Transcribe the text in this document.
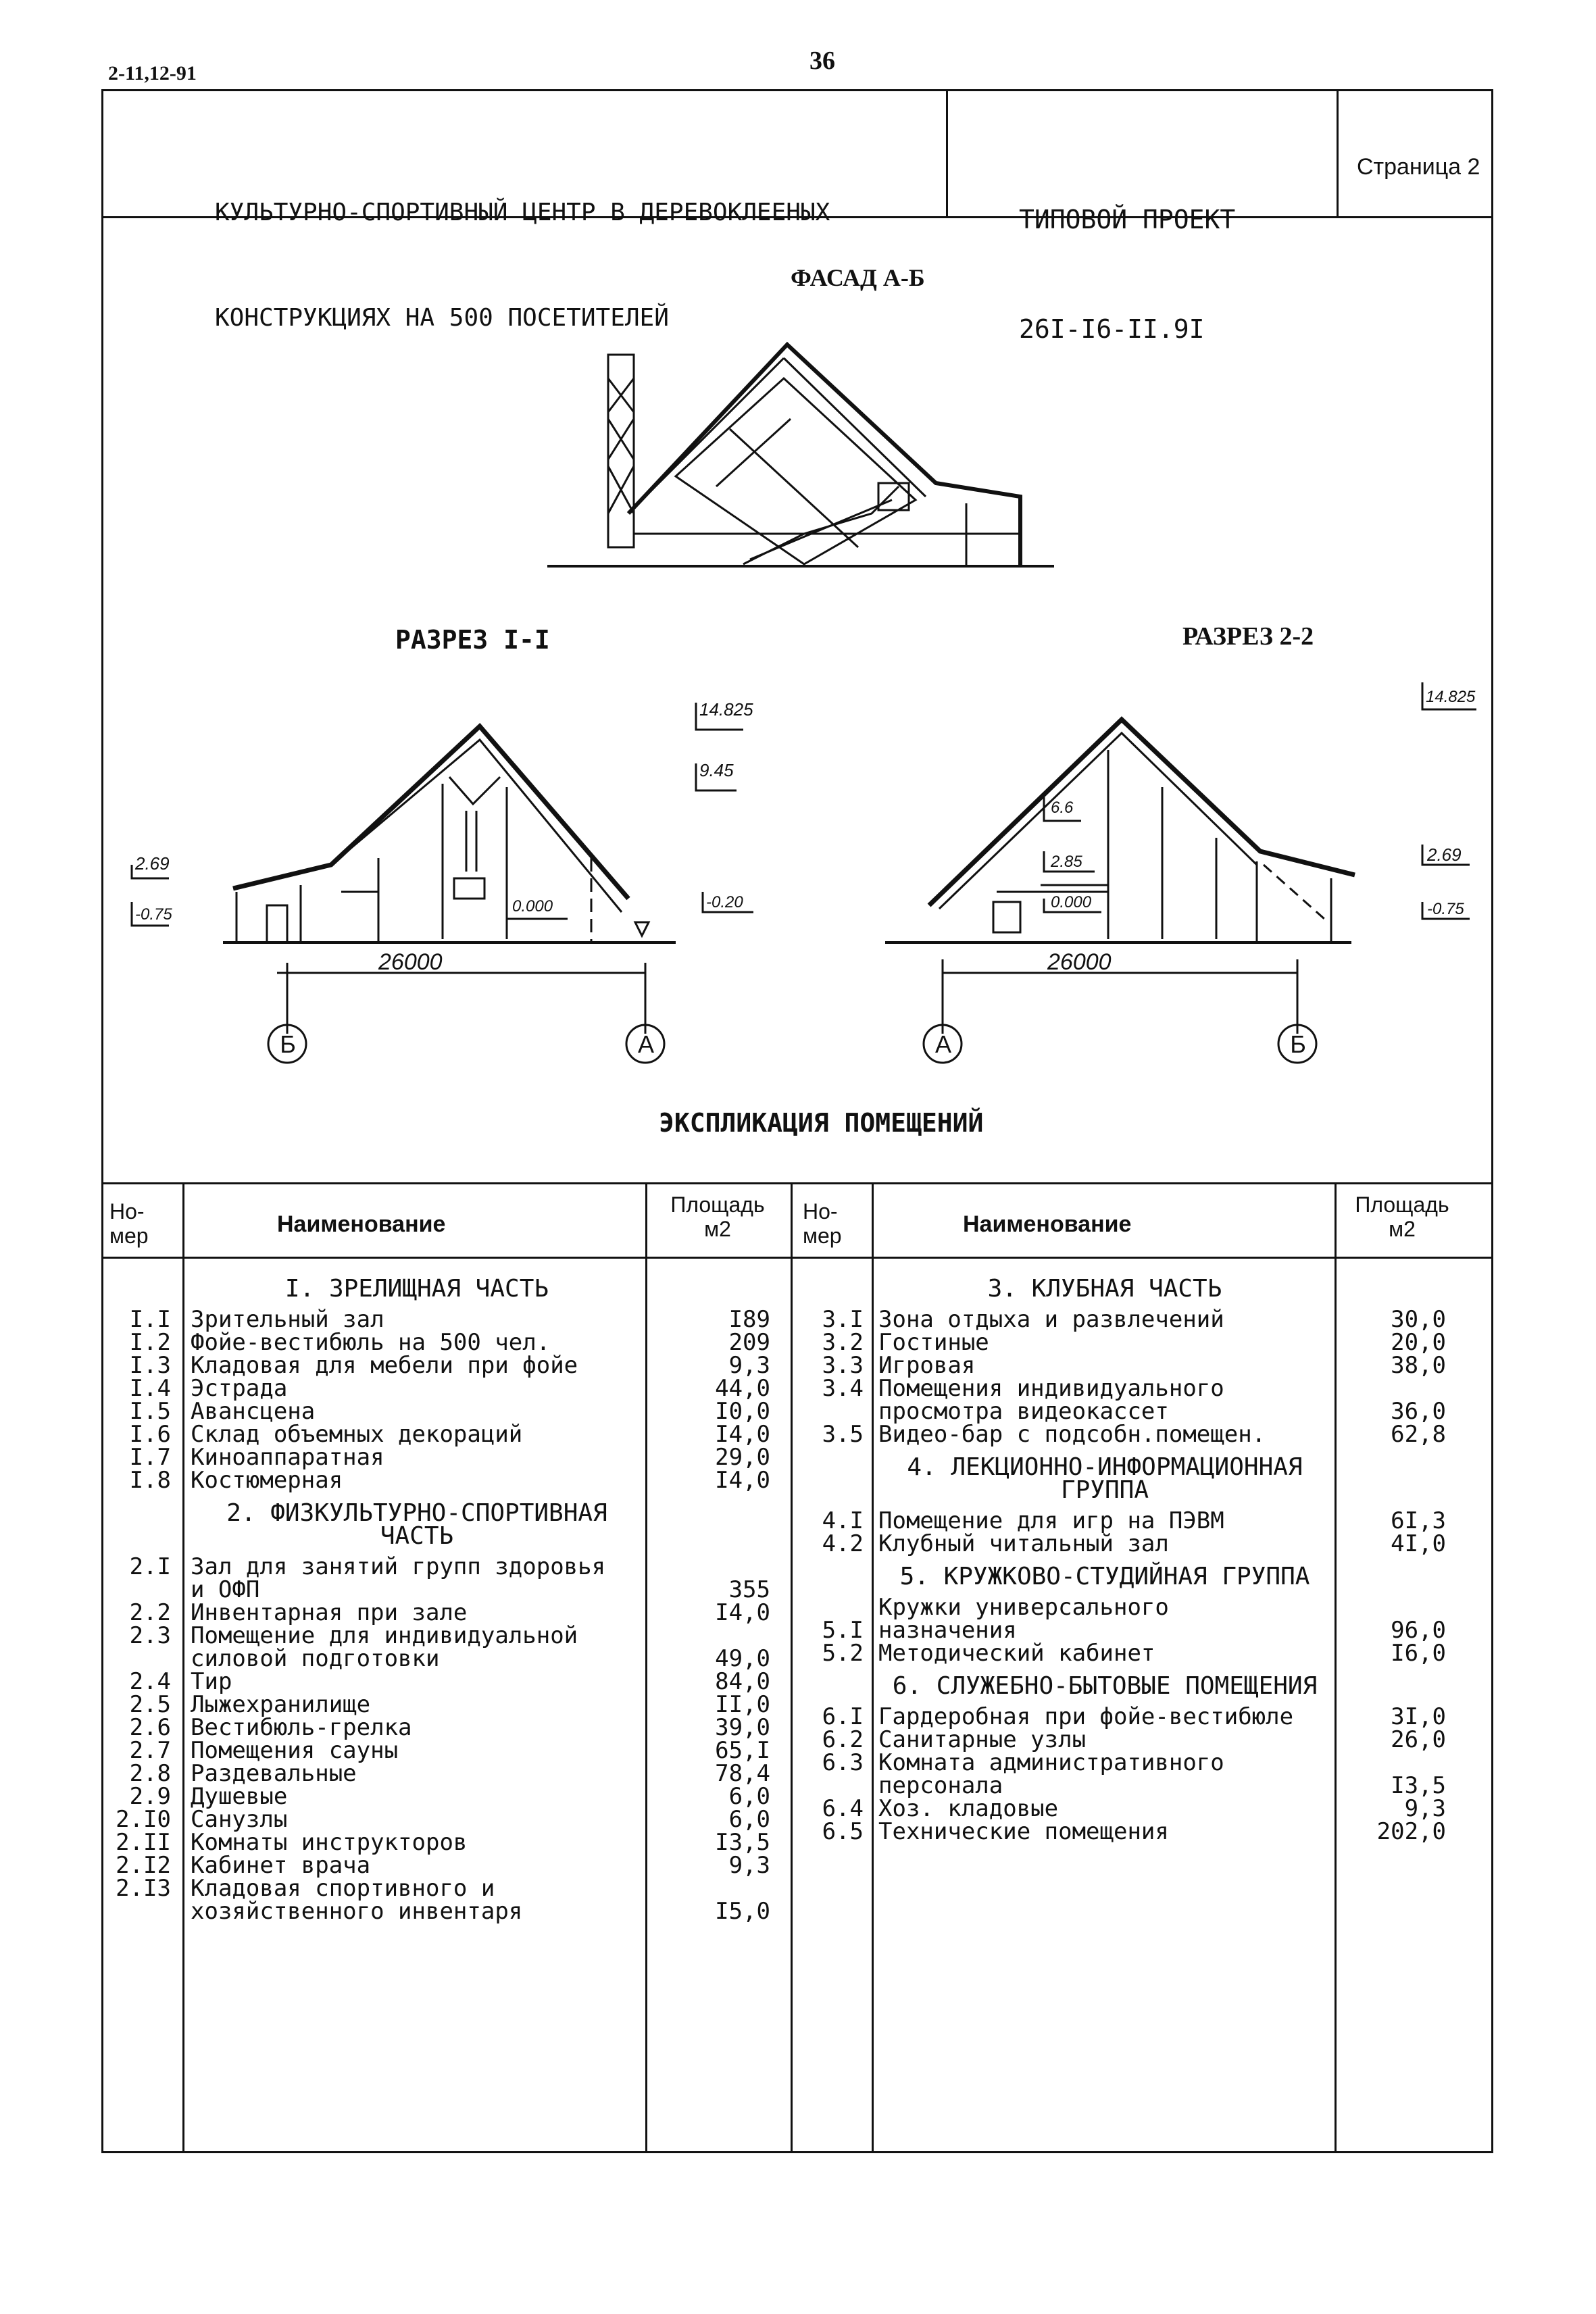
2-11,12-91	36

КУЛЬТУРНО-СПОРТИВНЫЙ ЦЕНТР В ДЕРЕВОКЛЕЕНЫХ

КОНСТРУКЦИЯХ НА 500 ПОСЕТИТЕЛЕЙ

ТИПОВОЙ ПРОЕКТ

26I-I6-II.9I

Страница 2
ФАСАД А-Б
РАЗРЕЗ I-I	РАЗРЕЗ 2-2
14.825
9.45
2.69
-0.75	0.000	-0.20
26000
Б	А
14.825
6.6
2.85
0.000
2.69
-0.75
26000
А	Б
ЭКСПЛИКАЦИЯ ПОМЕЩЕНИЙ
Но-
мер	Наименование
Площадь
м2
Но-
мер	Наименование
Площадь
м2
I. ЗРЕЛИЩНАЯ ЧАСТЬ
I.I Зрительный зал	I89
I.2 Фойе-вестибюль на 500 чел.	209
I.3 Кладовая для мебели при фойе	9,3
I.4 Эстрада	44,0
I.5 Авансцена	I0,0
I.6 Склад объемных декораций	I4,0
I.7 Киноаппаратная	29,0
I.8 Костюмерная	I4,0
2. ФИЗКУЛЬТУРНО-СПОРТИВНАЯ
ЧАСТЬ
2.I Зал для занятий групп здоровья
и ОФП	355
2.2 Инвентарная при зале	I4,0
2.3 Помещение для индивидуальной
силовой подготовки	49,0
2.4 Тир	84,0
2.5 Лыжехранилище	II,0
2.6 Вестибюль-грелка	39,0
2.7 Помещения сауны	65,I
2.8 Раздевальные	78,4
2.9 Душевые	6,0
2.I0 Санузлы	6,0
2.II Комнаты инструкторов	I3,5
2.I2 Кабинет врача	9,3
2.I3 Кладовая спортивного и
хозяйственного инвентаря	I5,0
3. КЛУБНАЯ ЧАСТЬ
3.I Зона отдыха и развлечений	30,0
3.2 Гостиные	20,0
3.3 Игровая	38,0
3.4 Помещения индивидуального
просмотра видеокассет	36,0
3.5 Видео-бар с подсобн.помещен.	62,8
4. ЛЕКЦИОННО-ИНФОРМАЦИОННАЯ
ГРУППА
4.I Помещение для игр на ПЭВМ	6I,3
4.2 Клубный читальный зал	4I,0
5. КРУЖКОВО-СТУДИЙНАЯ ГРУППА
Кружки универсального
5.I назначения	96,0
5.2 Методический кабинет	I6,0
6. СЛУЖЕБНО-БЫТОВЫЕ ПОМЕЩЕНИЯ
6.I Гардеробная при фойе-вестибюле	3I,0
6.2 Санитарные узлы	26,0
6.3 Комната административного
персонала	I3,5
6.4 Хоз. кладовые	9,3
6.5 Технические помещения	202,0
